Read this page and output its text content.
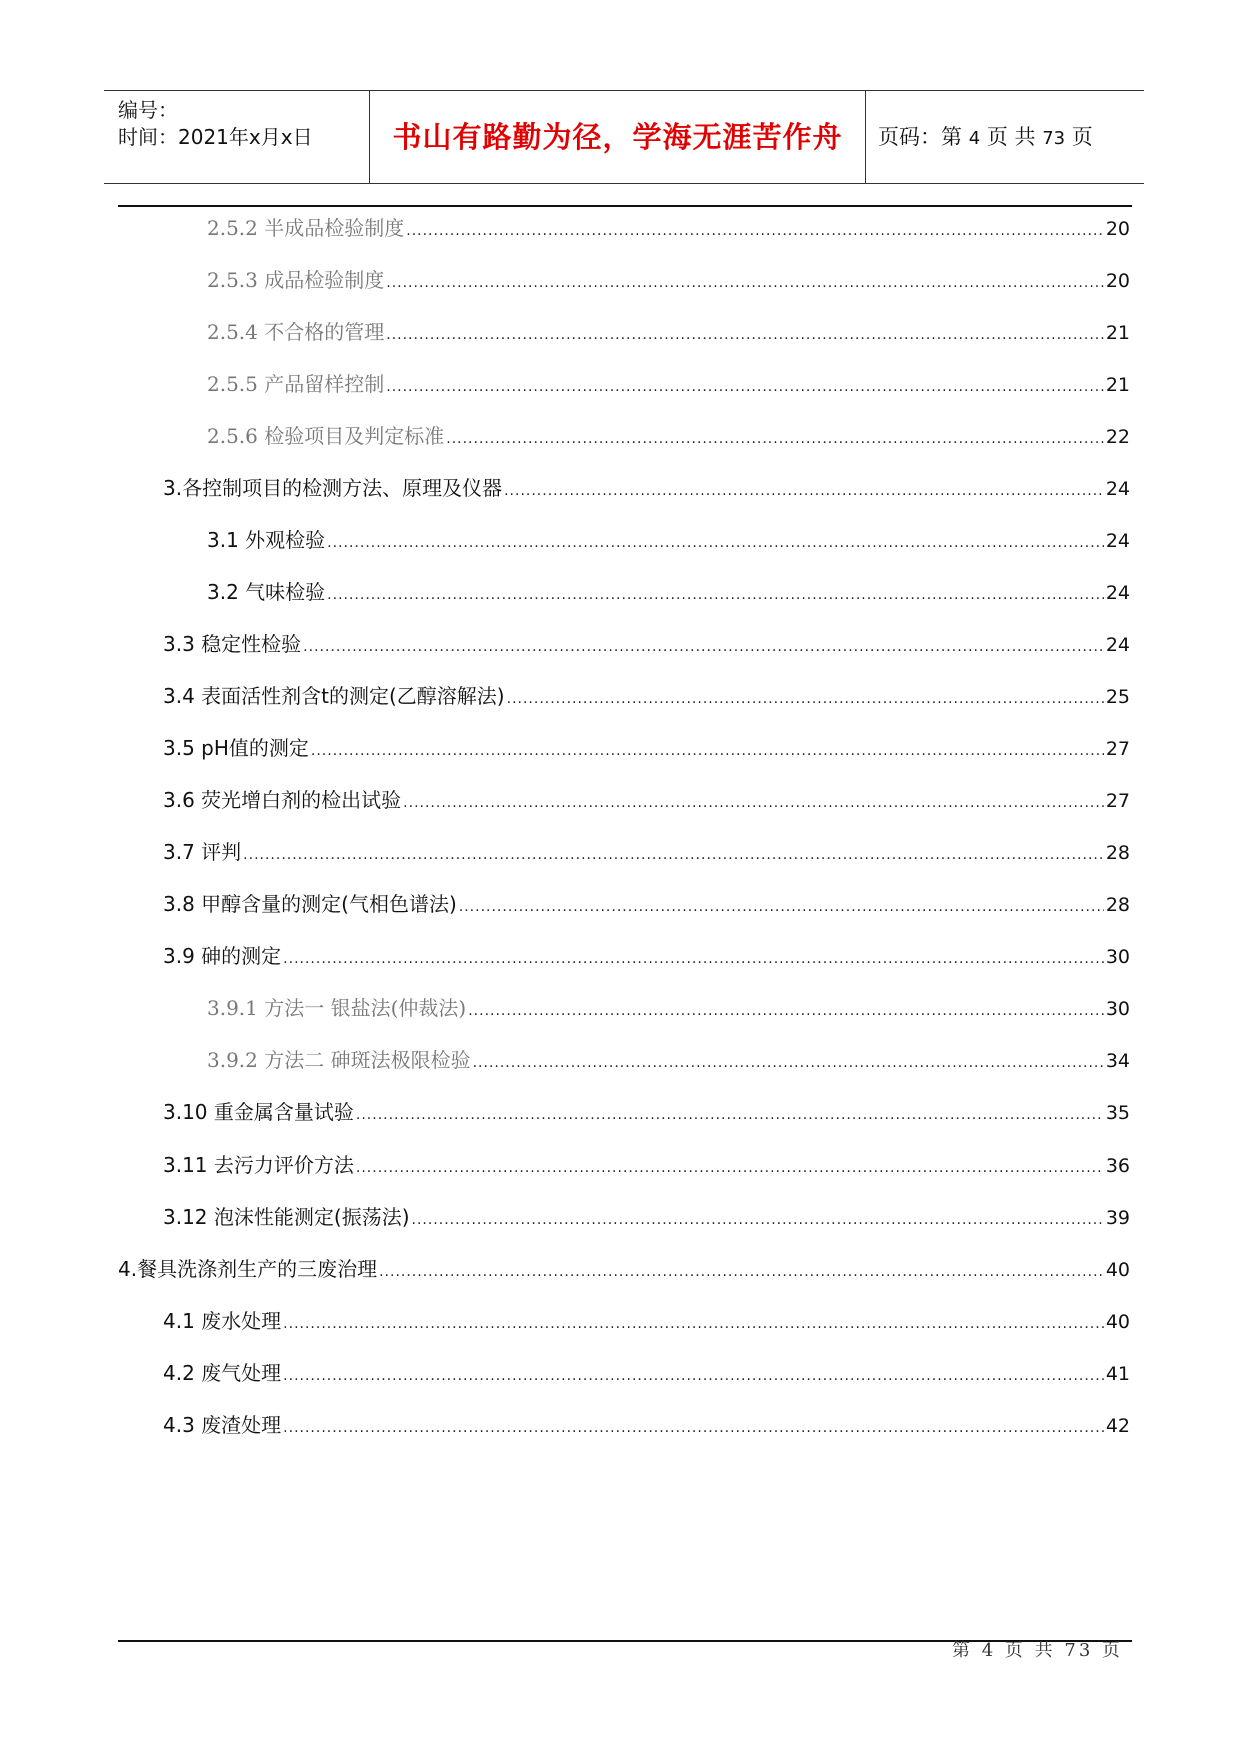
编号：
时间：2021年x月x日	书山有路勤为径，学海无涯苦作舟	页码：第 4 页 共 73 页
2.5.2 半成品检验制度 .....	20
2.5.3 成品检验制度 .....	20
2.5.4 不合格的管理 .....	21
2.5.5 产品留样控制 .....	21
2.5.6 检验项目及判定标准 .....	22
3.各控制项目的检测方法、原理及仪器 .....	24
3.1 外观检验 .....	24
3.2 气味检验 .....	24
3.3 稳定性检验 .....	24
3.4 表面活性剂含t的测定(乙醇溶解法) .....	25
3.5 pH值的测定 .....	27
3.6 荧光增白剂的检出试验 .....	27
3.7 评判 .....	28
3.8 甲醇含量的测定(气相色谱法) .....	28
3.9 砷的测定 .....	30
3.9.1 方法一 银盐法(仲裁法) .....	30
3.9.2 方法二 砷斑法极限检验 .....	34
3.10 重金属含量试验 .....	35
3.11 去污力评价方法 .....	36
3.12 泡沫性能测定(振荡法) .....	39
4.餐具洗涤剂生产的三废治理 .....	40
4.1 废水处理 .....	40
4.2 废气处理 .....	41
4.3 废渣处理 .....	42
第 4 页 共 73 页
